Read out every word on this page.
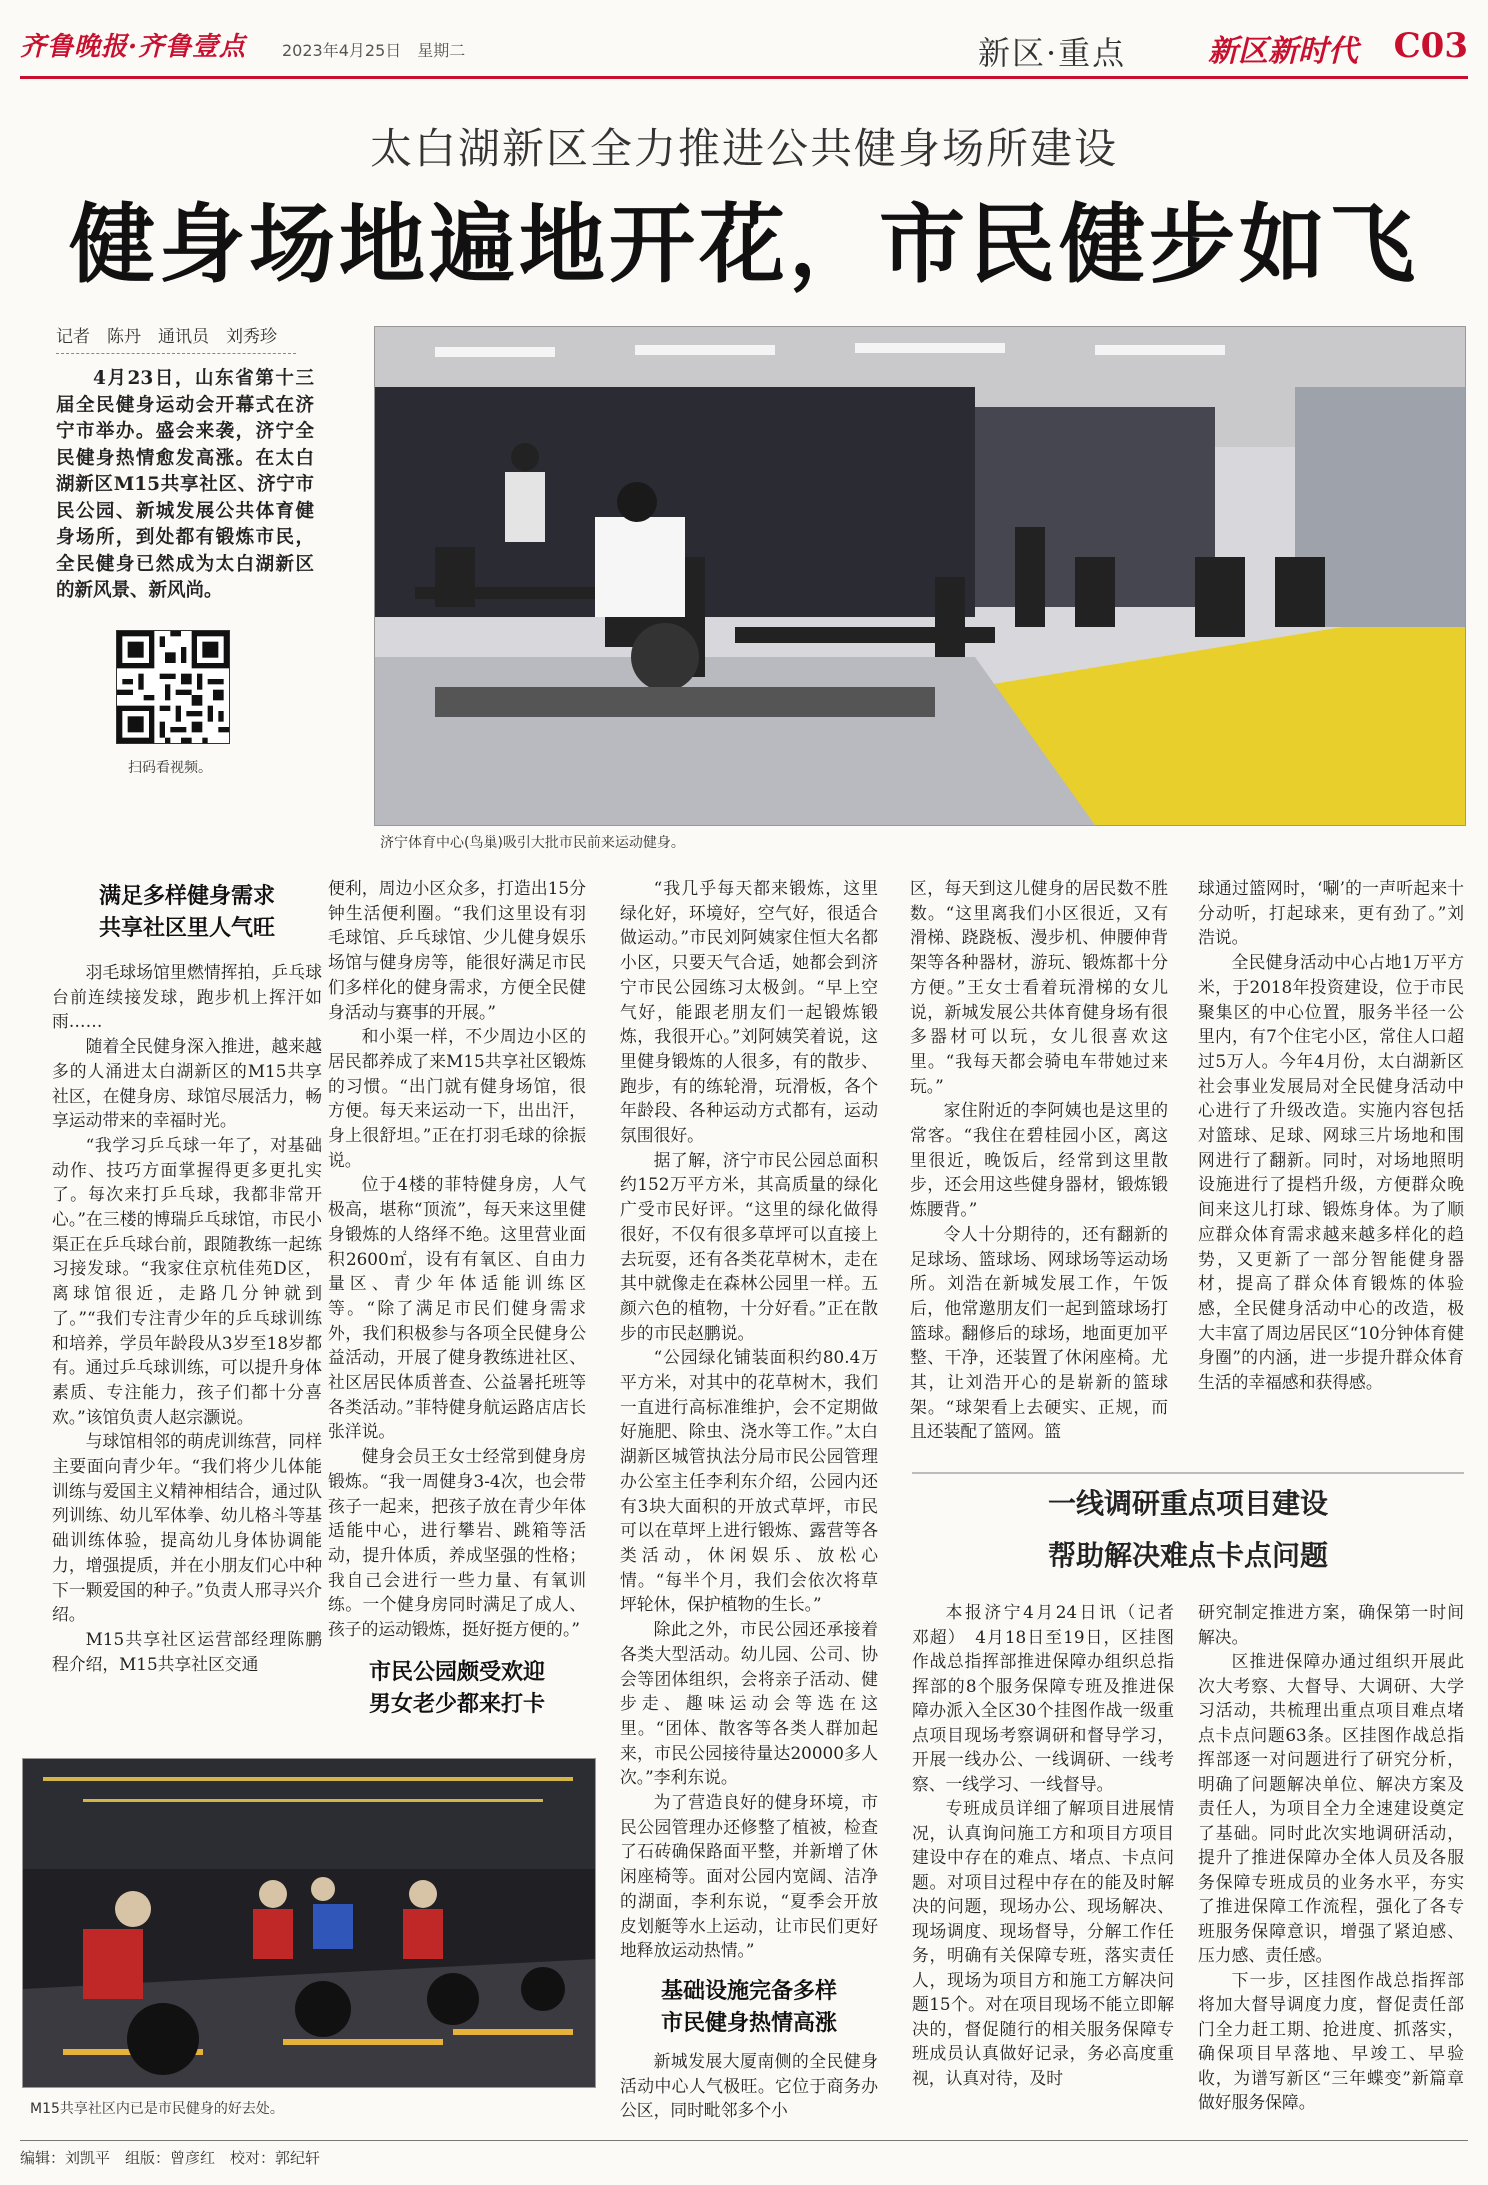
齐鲁晚报·齐鲁壹点 2023年4月25日　星期二	新区·重点	新区新时代 C03
太白湖新区全力推进公共健身场所建设
健身场地遍地开花，市民健步如飞
记者　陈丹　通讯员　刘秀珍
4月23日，山东省第十三届全民健身运动会开幕式在济宁市举办。盛会来袭，济宁全民健身热情愈发高涨。在太白湖新区M15共享社区、济宁市民公园、新城发展公共体育健身场所，到处都有锻炼市民，全民健身已然成为太白湖新区的新风景、新风尚。
扫码看视频。
济宁体育中心(鸟巢)吸引大批市民前来运动健身。
满足多样健身需求
共享社区里人气旺

羽毛球场馆里燃情挥拍，乒乓球台前连续接发球，跑步机上挥汗如雨……

随着全民健身深入推进，越来越多的人涌进太白湖新区的M15共享社区，在健身房、球馆尽展活力，畅享运动带来的幸福时光。

“我学习乒乓球一年了，对基础动作、技巧方面掌握得更多更扎实了。每次来打乒乓球，我都非常开心。”在三楼的博瑞乒乓球馆，市民小渠正在乒乓球台前，跟随教练一起练习接发球。“我家住京杭佳苑D区，离球馆很近，走路几分钟就到了。”“我们专注青少年的乒乓球训练和培养，学员年龄段从3岁至18岁都有。通过乒乓球训练，可以提升身体素质、专注能力，孩子们都十分喜欢。”该馆负责人赵宗灏说。

与球馆相邻的萌虎训练营，同样主要面向青少年。“我们将少儿体能训练与爱国主义精神相结合，通过队列训练、幼儿军体拳、幼儿格斗等基础训练体验，提高幼儿身体协调能力，增强提质，并在小朋友们心中种下一颗爱国的种子。”负责人邢寻兴介绍。

M15共享社区运营部经理陈鹏程介绍，M15共享社区交通

便利，周边小区众多，打造出15分钟生活便利圈。“我们这里设有羽毛球馆、乒乓球馆、少儿健身娱乐场馆与健身房等，能很好满足市民们多样化的健身需求，方便全民健身活动与赛事的开展。”

和小渠一样，不少周边小区的居民都养成了来M15共享社区锻炼的习惯。“出门就有健身场馆，很方便。每天来运动一下，出出汗，身上很舒坦。”正在打羽毛球的徐振说。

位于4楼的菲特健身房，人气极高，堪称“顶流”，每天来这里健身锻炼的人络绎不绝。这里营业面积2600㎡，设有有氧区、自由力量区、青少年体适能训练区等。“除了满足市民们健身需求外，我们积极参与各项全民健身公益活动，开展了健身教练进社区、社区居民体质普查、公益暑托班等各类活动。”菲特健身航运路店店长张洋说。

健身会员王女士经常到健身房锻炼。“我一周健身3-4次，也会带孩子一起来，把孩子放在青少年体适能中心，进行攀岩、跳箱等活动，提升体质，养成坚强的性格；我自己会进行一些力量、有氧训练。一个健身房同时满足了成人、孩子的运动锻炼，挺好挺方便的。”

市民公园颇受欢迎
男女老少都来打卡

“我几乎每天都来锻炼，这里绿化好，环境好，空气好，很适合做运动。”市民刘阿姨家住恒大名都小区，只要天气合适，她都会到济宁市民公园练习太极剑。“早上空气好，能跟老朋友们一起锻炼锻炼，我很开心。”刘阿姨笑着说，这里健身锻炼的人很多，有的散步、跑步，有的练轮滑，玩滑板，各个年龄段、各种运动方式都有，运动氛围很好。

据了解，济宁市民公园总面积约152万平方米，其高质量的绿化广受市民好评。“这里的绿化做得很好，不仅有很多草坪可以直接上去玩耍，还有各类花草树木，走在其中就像走在森林公园里一样。五颜六色的植物，十分好看。”正在散步的市民赵鹏说。

“公园绿化铺装面积约80.4万平方米，对其中的花草树木，我们一直进行高标准维护，会不定期做好施肥、除虫、浇水等工作。”太白湖新区城管执法分局市民公园管理办公室主任李利东介绍，公园内还有3块大面积的开放式草坪，市民可以在草坪上进行锻炼、露营等各类活动，休闲娱乐、放松心情。“每半个月，我们会依次将草坪轮休，保护植物的生长。”

除此之外，市民公园还承接着各类大型活动。幼儿园、公司、协会等团体组织，会将亲子活动、健步走、趣味运动会等选在这里。“团体、散客等各类人群加起来，市民公园接待量达20000多人次。”李利东说。

为了营造良好的健身环境，市民公园管理办还修整了植被，检查了石砖确保路面平整，并新增了休闲座椅等。面对公园内宽阔、洁净的湖面，李利东说，“夏季会开放皮划艇等水上运动，让市民们更好地释放运动热情。”

基础设施完备多样
市民健身热情高涨

新城发展大厦南侧的全民健身活动中心人气极旺。它位于商务办公区，同时毗邻多个小

区，每天到这儿健身的居民数不胜数。“这里离我们小区很近，又有滑梯、跷跷板、漫步机、伸腰伸背架等各种器材，游玩、锻炼都十分方便。”王女士看着玩滑梯的女儿说，新城发展公共体育健身场有很多器材可以玩，女儿很喜欢这里。“我每天都会骑电车带她过来玩。”

家住附近的李阿姨也是这里的常客。“我住在碧桂园小区，离这里很近，晚饭后，经常到这里散步，还会用这些健身器材，锻炼锻炼腰背。”

令人十分期待的，还有翻新的足球场、篮球场、网球场等运动场所。刘浩在新城发展工作，午饭后，他常邀朋友们一起到篮球场打篮球。翻修后的球场，地面更加平整、干净，还装置了休闲座椅。尤其，让刘浩开心的是崭新的篮球架。“球架看上去硬实、正规，而且还装配了篮网。篮

球通过篮网时，‘唰’的一声听起来十分动听，打起球来，更有劲了。”刘浩说。

全民健身活动中心占地1万平方米，于2018年投资建设，位于市民聚集区的中心位置，服务半径一公里内，有7个住宅小区，常住人口超过5万人。今年4月份，太白湖新区社会事业发展局对全民健身活动中心进行了升级改造。实施内容包括对篮球、足球、网球三片场地和围网进行了翻新。同时，对场地照明设施进行了提档升级，方便群众晚间来这儿打球、锻炼身体。为了顺应群众体育需求越来越多样化的趋势，又更新了一部分智能健身器材，提高了群众体育锻炼的体验感，全民健身活动中心的改造，极大丰富了周边居民区“10分钟体育健身圈”的内涵，进一步提升群众体育生活的幸福感和获得感。

M15共享社区内已是市民健身的好去处。
一线调研重点项目建设
帮助解决难点卡点问题

本报济宁4月24日讯（记者　邓超）　4月18日至19日，区挂图作战总指挥部推进保障办组织总指挥部的8个服务保障专班及推进保障办派入全区30个挂图作战一级重点项目现场考察调研和督导学习，开展一线办公、一线调研、一线考察、一线学习、一线督导。

专班成员详细了解项目进展情况，认真询问施工方和项目方项目建设中存在的难点、堵点、卡点问题。对项目过程中存在的能及时解决的问题，现场办公、现场解决、现场调度、现场督导，分解工作任务，明确有关保障专班，落实责任人，现场为项目方和施工方解决问题15个。对在项目现场不能立即解决的，督促随行的相关服务保障专班成员认真做好记录，务必高度重视，认真对待，及时

研究制定推进方案，确保第一时间解决。

区推进保障办通过组织开展此次大考察、大督导、大调研、大学习活动，共梳理出重点项目难点堵点卡点问题63条。区挂图作战总指挥部逐一对问题进行了研究分析，明确了问题解决单位、解决方案及责任人，为项目全力全速建设奠定了基础。同时此次实地调研活动，提升了推进保障办全体人员及各服务保障专班成员的业务水平，夯实了推进保障工作流程，强化了各专班服务保障意识，增强了紧迫感、压力感、责任感。

下一步，区挂图作战总指挥部将加大督导调度力度，督促责任部门全力赶工期、抢进度、抓落实，确保项目早落地、早竣工、早验收，为谱写新区“三年蝶变”新篇章做好服务保障。

编辑：刘凯平　组版：曾彦红　校对：郭纪轩
